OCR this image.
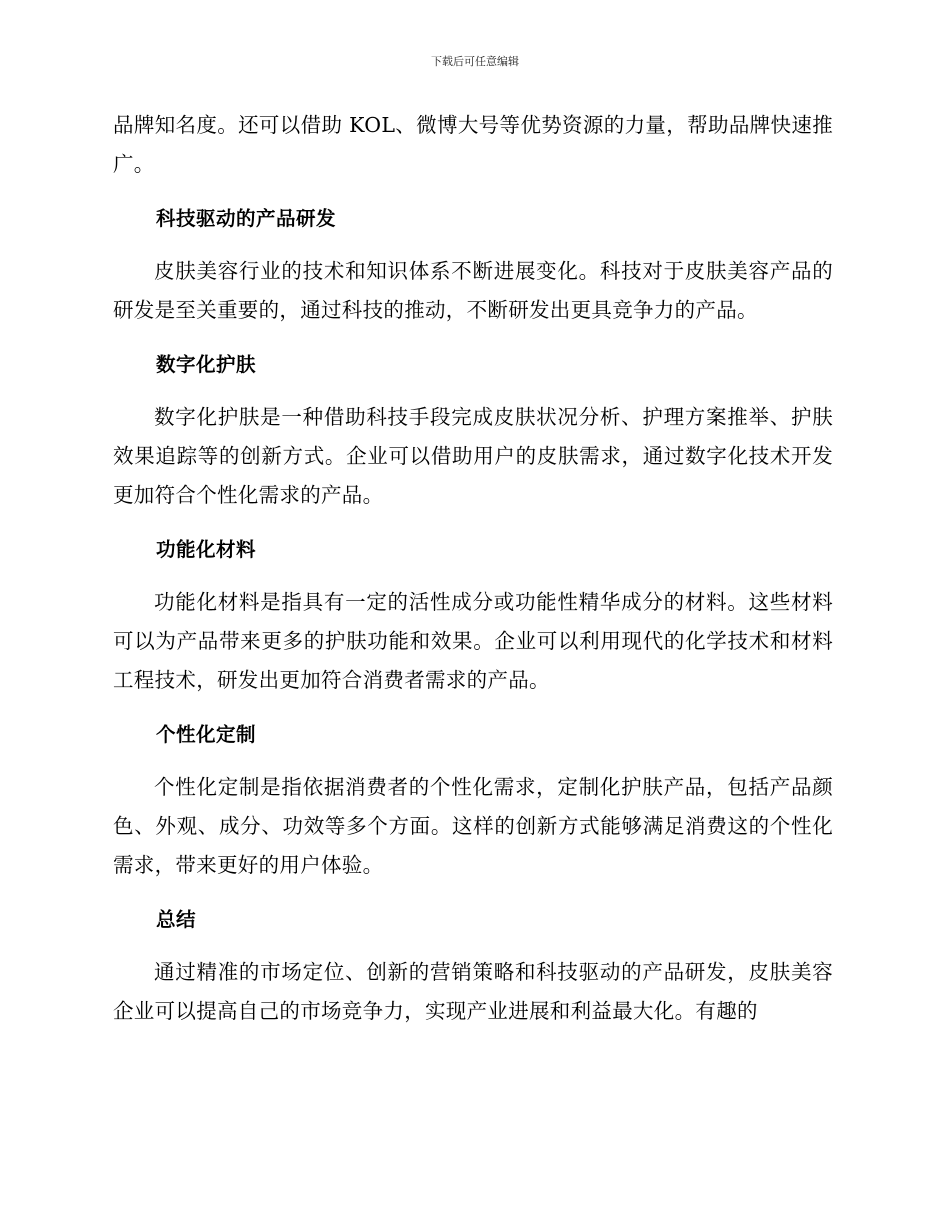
下载后可任意编辑

品牌知名度。还可以借助 KOL、微博大号等优势资源的力量，帮助品牌快速推广。

科技驱动的产品研发

皮肤美容行业的技术和知识体系不断进展变化。科技对于皮肤美容产品的研发是至关重要的，通过科技的推动，不断研发出更具竞争力的产品。

数字化护肤

数字化护肤是一种借助科技手段完成皮肤状况分析、护理方案推举、护肤效果追踪等的创新方式。企业可以借助用户的皮肤需求，通过数字化技术开发更加符合个性化需求的产品。

功能化材料

功能化材料是指具有一定的活性成分或功能性精华成分的材料。这些材料可以为产品带来更多的护肤功能和效果。企业可以利用现代的化学技术和材料工程技术，研发出更加符合消费者需求的产品。

个性化定制

个性化定制是指依据消费者的个性化需求，定制化护肤产品，包括产品颜色、外观、成分、功效等多个方面。这样的创新方式能够满足消费这的个性化需求，带来更好的用户体验。

总结

通过精准的市场定位、创新的营销策略和科技驱动的产品研发，皮肤美容企业可以提高自己的市场竞争力，实现产业进展和利益最大化。有趣的
